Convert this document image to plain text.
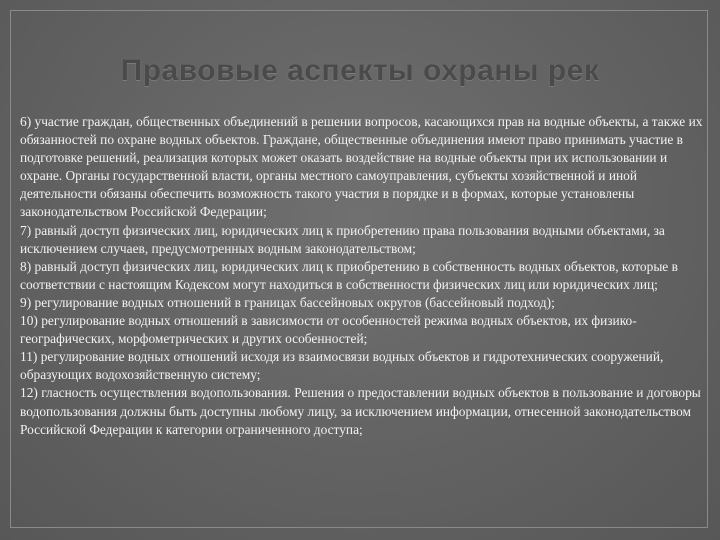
Правовые аспекты охраны рек

6) участие граждан, общественных объединений в решении вопросов, касающихся прав на водные объекты, а также их обязанностей по охране водных объектов. Граждане, общественные объединения имеют право принимать участие в подготовке решений, реализация которых может оказать воздействие на водные объекты при их использовании и охране. Органы государственной власти, органы местного самоуправления, субъекты хозяйственной и иной деятельности обязаны обеспечить возможность такого участия в порядке и в формах, которые установлены законодательством Российской Федерации;

7) равный доступ физических лиц, юридических лиц к приобретению права пользования водными объектами, за исключением случаев, предусмотренных водным законодательством;

8) равный доступ физических лиц, юридических лиц к приобретению в собственность водных объектов, которые в соответствии с настоящим Кодексом могут находиться в собственности физических лиц или юридических лиц;

9) регулирование водных отношений в границах бассейновых округов (бассейновый подход);

10) регулирование водных отношений в зависимости от особенностей режима водных объектов, их физико-географических, морфометрических и других особенностей;

11) регулирование водных отношений исходя из взаимосвязи водных объектов и гидротехнических сооружений, образующих водохозяйственную систему;

12) гласность осуществления водопользования. Решения о предоставлении водных объектов в пользование и договоры водопользования должны быть доступны любому лицу, за исключением информации, отнесенной законодательством Российской Федерации к категории ограниченного доступа;
